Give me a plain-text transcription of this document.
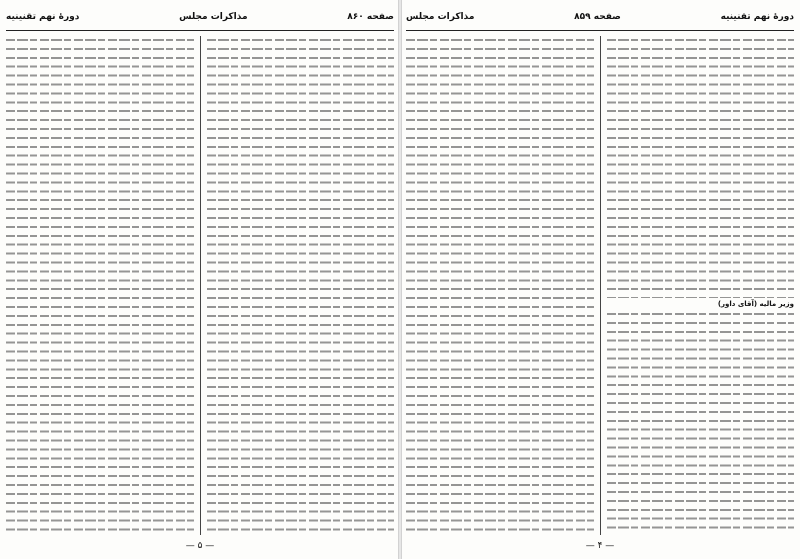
صفحه ۸۶۰
مذاکرات مجلس
دورهٔ نهم تقنینیه
— ۵ —
دورهٔ نهم تقنینیه
صفحه ۸۵۹
مذاکرات مجلس

وزیر مالیه (آقای داور)

— ۴ —
